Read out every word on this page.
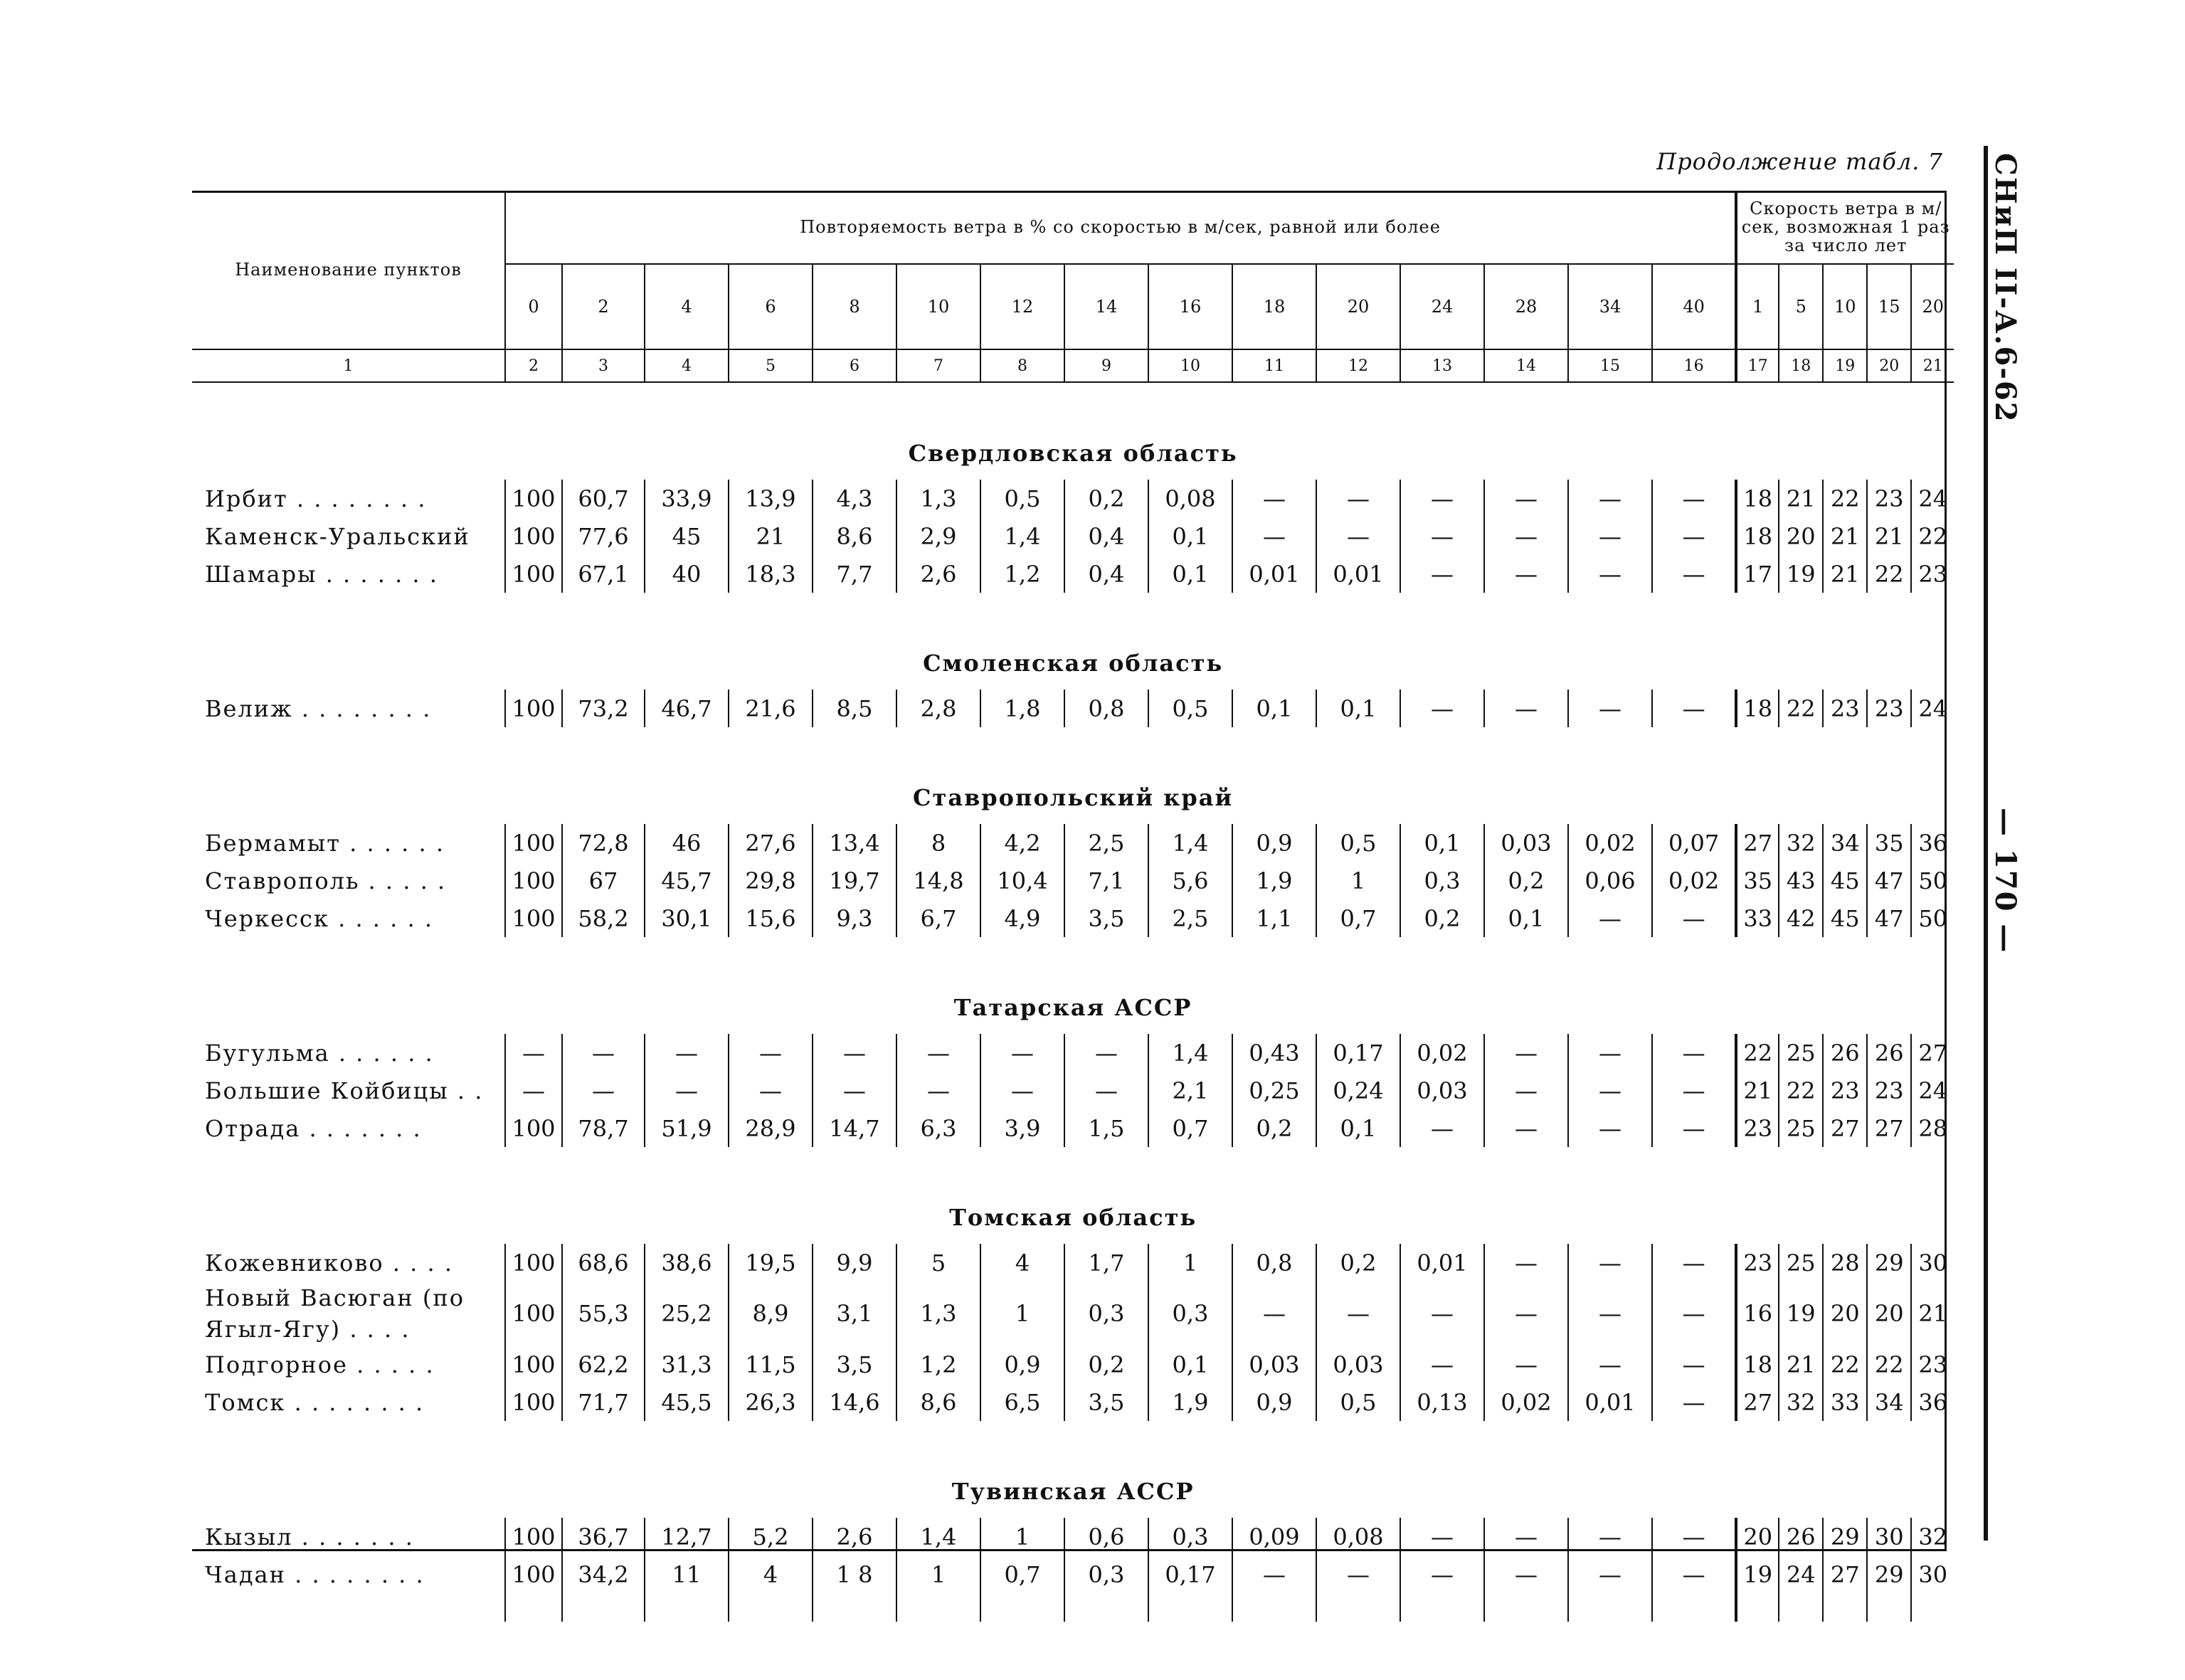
Продолжение табл. 7 СНиП II-А.6-62
— 170 —
Наименование пунктов	Повторяемость ветра в % со скоростью в м/сек, равной или более															Скорость ветра в м/сек, возможная 1 раз за число лет				
	0	2	4	6	8	10	12	14	16	18	20	24	28	34	40	1	5	10	15	20
1	2	3	4	5	6	7	8	9	10	11	12	13	14	15	16	17	18	19	20	21
Свердловская область																				
Ирбит . . . . . . . .	100	60,7	33,9	13,9	4,3	1,3	0,5	0,2	0,08	—	—	—	—	—	—	18	21	22	23	24
Каменск-Уральский	100	77,6	45	21	8,6	2,9	1,4	0,4	0,1	—	—	—	—	—	—	18	20	21	21	22
Шамары . . . . . . .	100	67,1	40	18,3	7,7	2,6	1,2	0,4	0,1	0,01	0,01	—	—	—	—	17	19	21	22	23
Смоленская область																				
Велиж . . . . . . . .	100	73,2	46,7	21,6	8,5	2,8	1,8	0,8	0,5	0,1	0,1	—	—	—	—	18	22	23	23	24
Ставропольский край																				
Бермамыт . . . . . .	100	72,8	46	27,6	13,4	8	4,2	2,5	1,4	0,9	0,5	0,1	0,03	0,02	0,07	27	32	34	35	36
Ставрополь . . . . .	100	67	45,7	29,8	19,7	14,8	10,4	7,1	5,6	1,9	1	0,3	0,2	0,06	0,02	35	43	45	47	50
Черкесск . . . . . .	100	58,2	30,1	15,6	9,3	6,7	4,9	3,5	2,5	1,1	0,7	0,2	0,1	—	—	33	42	45	47	50
Татарская АССР																				
Бугульма . . . . . .	—	—	—	—	—	—	—	—	1,4	0,43	0,17	0,02	—	—	—	22	25	26	26	27
Большие Койбицы . .	—	—	—	—	—	—	—	—	2,1	0,25	0,24	0,03	—	—	—	21	22	23	23	24
Отрада . . . . . . .	100	78,7	51,9	28,9	14,7	6,3	3,9	1,5	0,7	0,2	0,1	—	—	—	—	23	25	27	27	28
Томская область																				
Кожевниково . . . .	100	68,6	38,6	19,5	9,9	5	4	1,7	1	0,8	0,2	0,01	—	—	—	23	25	28	29	30
Новый Васюган (по
Ягыл-Ягу) . . . .	100	55,3	25,2	8,9	3,1	1,3	1	0,3	0,3	—	—	—	—	—	—	16	19	20	20	21
Подгорное . . . . .	100	62,2	31,3	11,5	3,5	1,2	0,9	0,2	0,1	0,03	0,03	—	—	—	—	18	21	22	22	23
Томск . . . . . . . .	100	71,7	45,5	26,3	14,6	8,6	6,5	3,5	1,9	0,9	0,5	0,13	0,02	0,01	—	27	32	33	34	36
Тувинская АССР																				
Кызыл . . . . . . .	100	36,7	12,7	5,2	2,6	1,4	1	0,6	0,3	0,09	0,08	—	—	—	—	20	26	29	30	32
Чадан . . . . . . . .	100	34,2	11	4	1 8	1	0,7	0,3	0,17	—	—	—	—	—	—	19	24	27	29	30
